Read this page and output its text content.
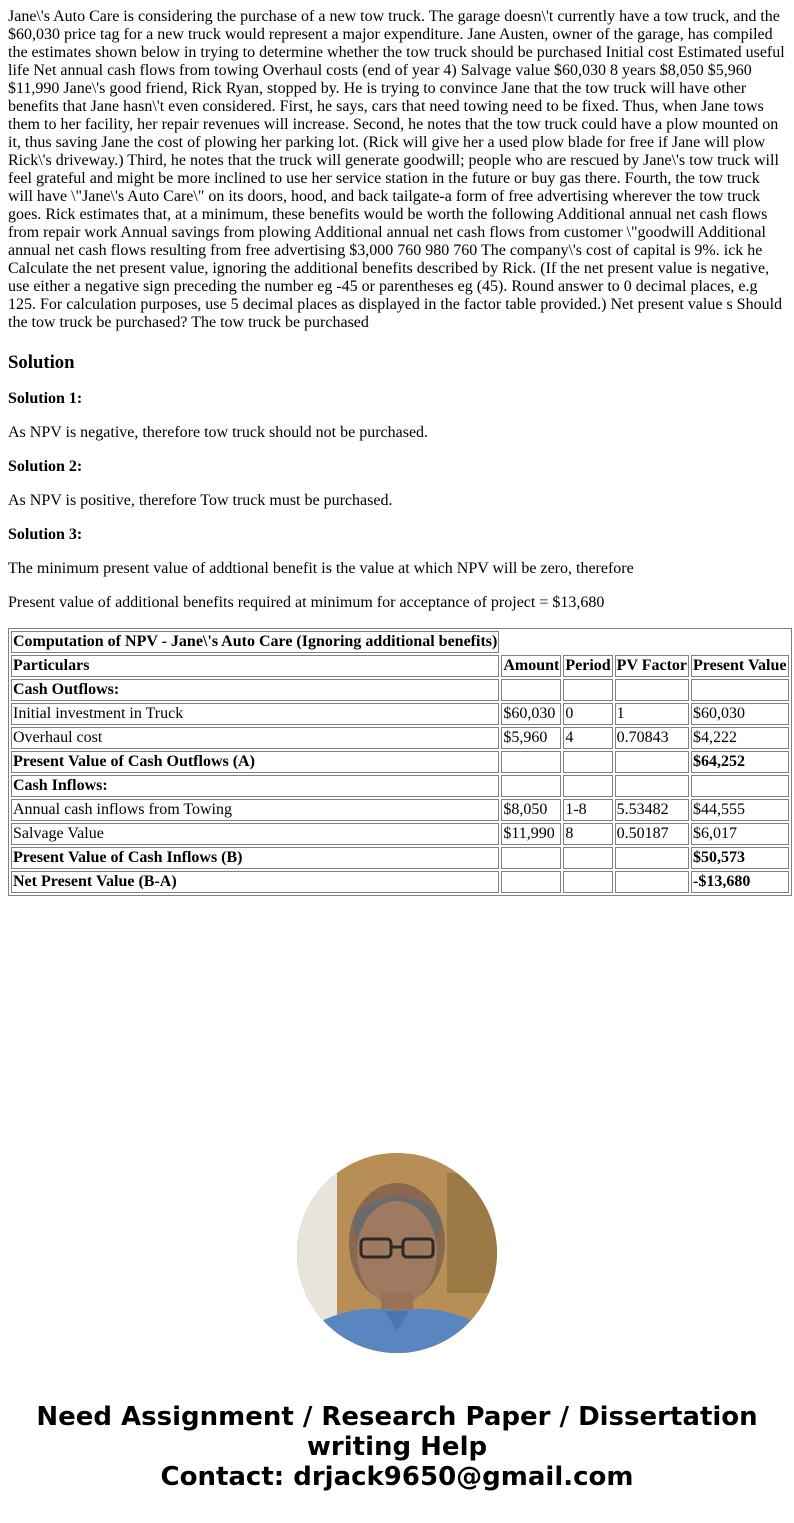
Jane\'s Auto Care is considering the purchase of a new tow truck. The garage doesn\'t currently have a tow truck, and the $60,030 price tag for a new truck would represent a major expenditure. Jane Austen, owner of the garage, has compiled the estimates shown below in trying to determine whether the tow truck should be purchased Initial cost Estimated useful life Net annual cash flows from towing Overhaul costs (end of year 4) Salvage value $60,030 8 years $8,050 $5,960 $11,990 Jane\'s good friend, Rick Ryan, stopped by. He is trying to convince Jane that the tow truck will have other benefits that Jane hasn\'t even considered. First, he says, cars that need towing need to be fixed. Thus, when Jane tows them to her facility, her repair revenues will increase. Second, he notes that the tow truck could have a plow mounted on it, thus saving Jane the cost of plowing her parking lot. (Rick will give her a used plow blade for free if Jane will plow Rick\'s driveway.) Third, he notes that the truck will generate goodwill; people who are rescued by Jane\'s tow truck will feel grateful and might be more inclined to use her service station in the future or buy gas there. Fourth, the tow truck will have \"Jane\'s Auto Care\" on its doors, hood, and back tailgate-a form of free advertising wherever the tow truck goes. Rick estimates that, at a minimum, these benefits would be worth the following Additional annual net cash flows from repair work Annual savings from plowing Additional annual net cash flows from customer \"goodwill Additional annual net cash flows resulting from free advertising $3,000 760 980 760 The company\'s cost of capital is 9%. ick he Calculate the net present value, ignoring the additional benefits described by Rick. (If the net present value is negative, use either a negative sign preceding the number eg -45 or parentheses eg (45). Round answer to 0 decimal places, e.g 125. For calculation purposes, use 5 decimal places as displayed in the factor table provided.) Net present value s Should the tow truck be purchased? The tow truck be purchased

Solution

Solution 1:

As NPV is negative, therefore tow truck should not be purchased.

Solution 2:

As NPV is positive, therefore Tow truck must be purchased.

Solution 3:

The minimum present value of addtional benefit is the value at which NPV will be zero, therefore

Present value of additional benefits required at minimum for acceptance of project = $13,680

Computation of NPV - Jane\'s Auto Care (Ignoring additional benefits)				
Particulars	Amount	Period	PV Factor	Present Value
Cash Outflows:				
Initial investment in Truck	$60,030	0	1	$60,030
Overhaul cost	$5,960	4	0.70843	$4,222
Present Value of Cash Outflows (A)				$64,252
Cash Inflows:				
Annual cash inflows from Towing	$8,050	1-8	5.53482	$44,555
Salvage Value	$11,990	8	0.50187	$6,017
Present Value of Cash Inflows (B)				$50,573
Net Present Value (B-A)				-$13,680
Need Assignment / Research Paper / Dissertation
writing Help
Contact: drjack9650@gmail.com
